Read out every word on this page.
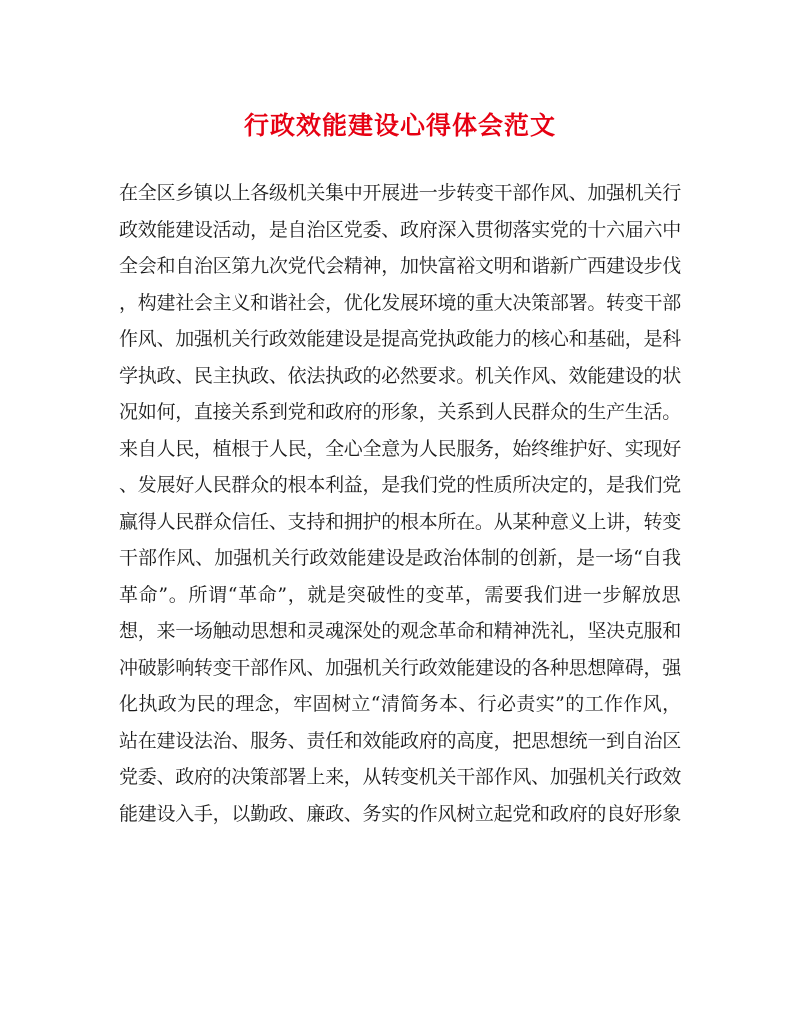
行政效能建设心得体会范文
在全区乡镇以上各级机关集中开展进一步转变干部作风、加强机关行
政效能建设活动，是自治区党委、政府深入贯彻落实党的十六届六中
全会和自治区第九次党代会精神，加快富裕文明和谐新广西建设步伐
，构建社会主义和谐社会，优化发展环境的重大决策部署。转变干部
作风、加强机关行政效能建设是提高党执政能力的核心和基础，是科
学执政、民主执政、依法执政的必然要求。机关作风、效能建设的状
况如何，直接关系到党和政府的形象，关系到人民群众的生产生活。
来自人民，植根于人民，全心全意为人民服务，始终维护好、实现好
、发展好人民群众的根本利益，是我们党的性质所决定的，是我们党
赢得人民群众信任、支持和拥护的根本所在。从某种意义上讲，转变
干部作风、加强机关行政效能建设是政治体制的创新，是一场“自我
革命”。所谓“革命”，就是突破性的变革，需要我们进一步解放思
想，来一场触动思想和灵魂深处的观念革命和精神洗礼，坚决克服和
冲破影响转变干部作风、加强机关行政效能建设的各种思想障碍，强
化执政为民的理念，牢固树立“清简务本、行必责实”的工作作风，
站在建设法治、服务、责任和效能政府的高度，把思想统一到自治区
党委、政府的决策部署上来，从转变机关干部作风、加强机关行政效
能建设入手，以勤政、廉政、务实的作风树立起党和政府的良好形象
